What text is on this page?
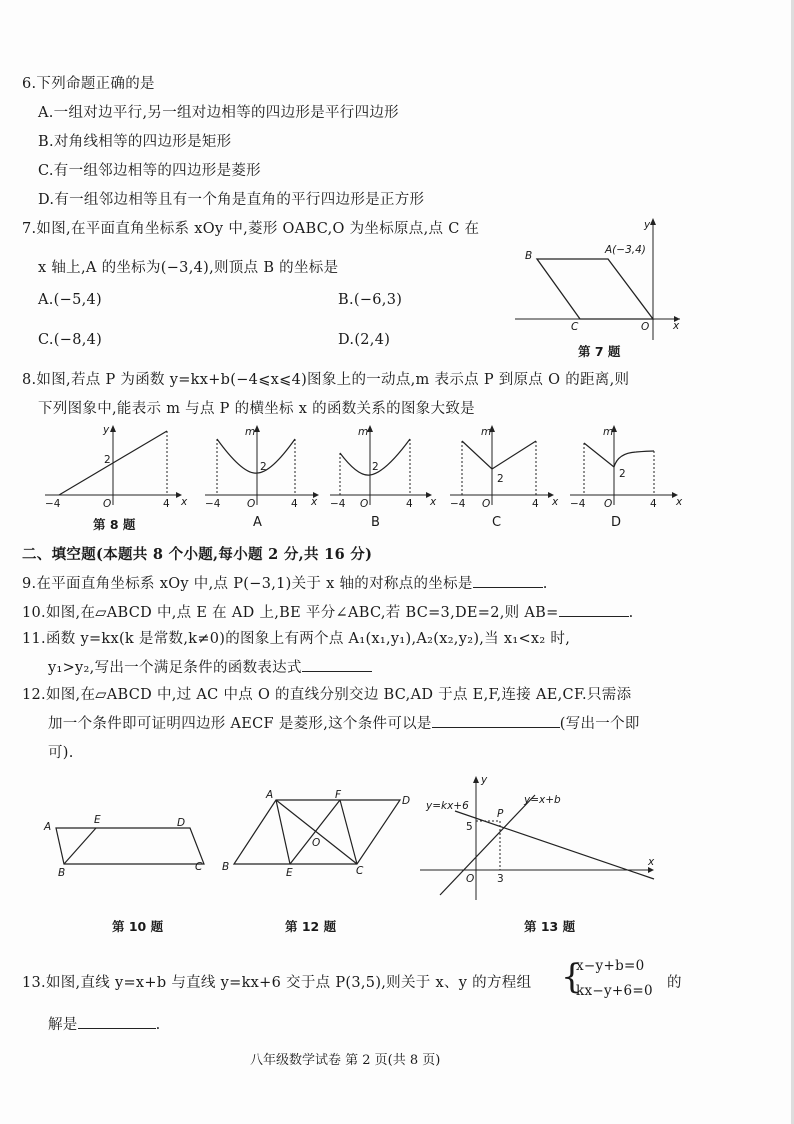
6.下列命题正确的是
A.一组对边平行,另一组对边相等的四边形是平行四边形
B.对角线相等的四边形是矩形
C.有一组邻边相等的四边形是菱形
D.有一组邻边相等且有一个角是直角的平行四边形是正方形
7.如图,在平面直角坐标系 xOy 中,菱形 OABC,O 为坐标原点,点 C 在
x 轴上,A 的坐标为(−3,4),则顶点 B 的坐标是
A.(−5,4)	B.(−6,3)
C.(−8,4)	D.(2,4)
B	A(−3,4)
C	O x
y
第 7 题
8.如图,若点 P 为函数 y=kx+b(−4⩽x⩽4)图象上的一动点,m 表示点 P 到原点 O 的距离,则
下列图象中,能表示 m 与点 P 的横坐标 x 的函数关系的图象大致是
y
2
−4	O	4 x
第 8 题
m
2
−4	O	4 x
A
m
2
−4 O	4 x
B
m
2
−4 O	4 x
C
m
2
−4 O	4 x
D
二、填空题(本题共 8 个小题,每小题 2 分,共 16 分)
9.在平面直角坐标系 xOy 中,点 P(−3,1)关于 x 轴的对称点的坐标是	.
10.如图,在▱ABCD 中,点 E 在 AD 上,BE 平分∠ABC,若 BC=3,DE=2,则 AB=	.
11.函数 y=kx(k 是常数,k≠0)的图象上有两个点 A₁(x₁,y₁),A₂(x₂,y₂),当 x₁<x₂ 时,
y₁>y₂,写出一个满足条件的函数表达式
12.如图,在▱ABCD 中,过 AC 中点 O 的直线分别交边 BC,AD 于点 E,F,连接 AE,CF.只需添
加一个条件即可证明四边形 AECF 是菱形,这个条件可以是	(写出一个即
可).
A
E	D
B	C
第 10 题
A	F	D
O
B	E	C
第 12 题
y=kx+6	y=x+b
P
5
3
O
x
y
第 13 题
13.如图,直线 y=x+b 与直线 y=kx+6 交于点 P(3,5),则关于 x、y 的方程组 {
x−y+b=0
kx−y+6=0 的
解是	.
八年级数学试卷 第 2 页(共 8 页)
